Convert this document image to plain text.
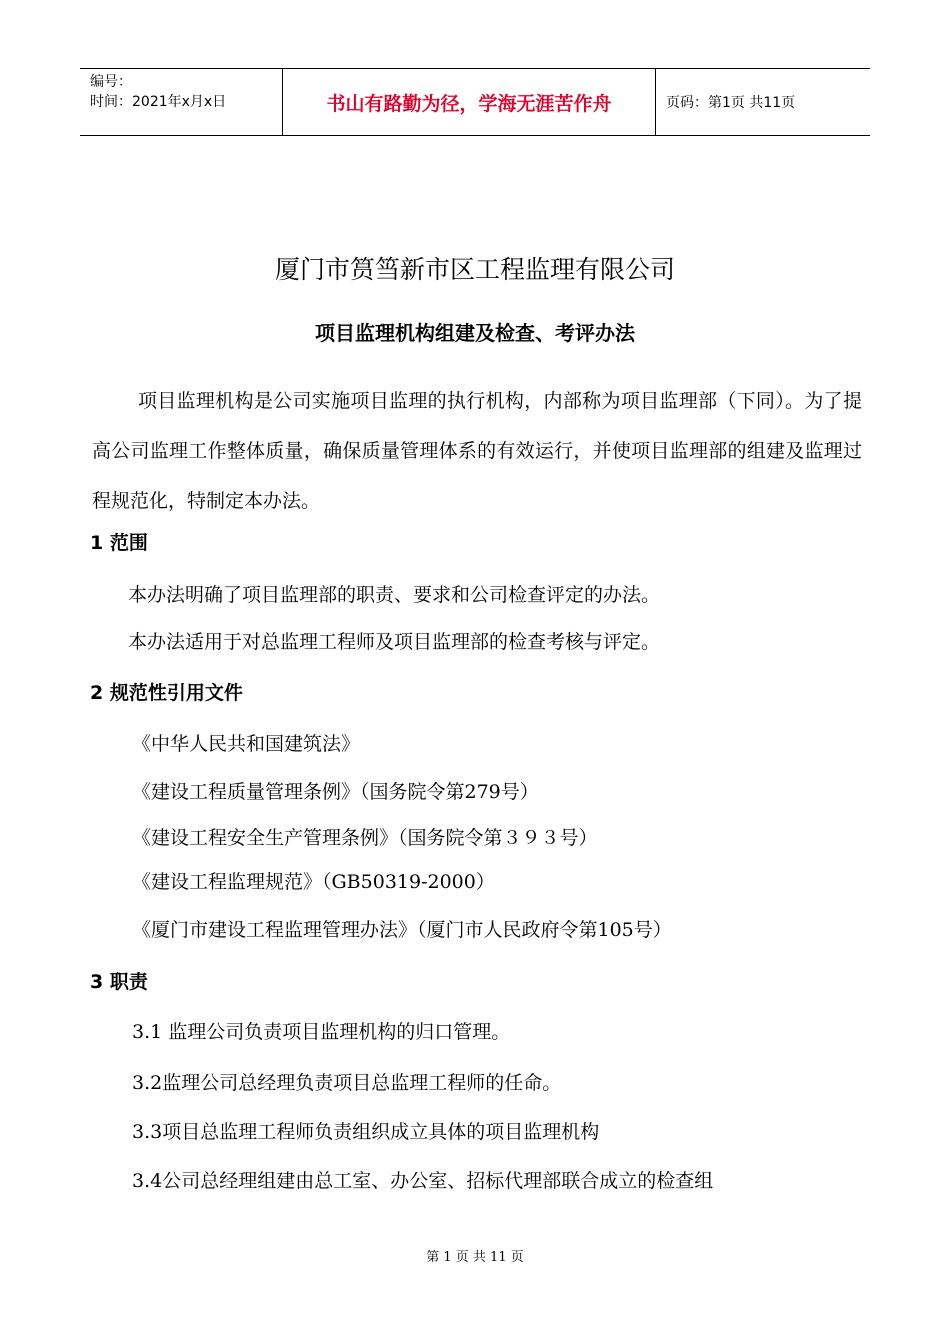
编号：
时间：2021年x月x日	书山有路勤为径，学海无涯苦作舟	页码：第1页 共11页
厦门市筼筜新市区工程监理有限公司
项目监理机构组建及检查、考评办法
项目监理机构是公司实施项目监理的执行机构，内部称为项目监理部（下同）。为了提高公司监理工作整体质量，确保质量管理体系的有效运行，并使项目监理部的组建及监理过程规范化，特制定本办法。
1 范围
本办法明确了项目监理部的职责、要求和公司检查评定的办法。
本办法适用于对总监理工程师及项目监理部的检查考核与评定。
2 规范性引用文件
《中华人民共和国建筑法》
《建设工程质量管理条例》（国务院令第279号）
《建设工程安全生产管理条例》（国务院令第３９３号）
《建设工程监理规范》（GB50319-2000）
《厦门市建设工程监理管理办法》（厦门市人民政府令第105号）
3 职责
3.1 监理公司负责项目监理机构的归口管理。
3.2监理公司总经理负责项目总监理工程师的任命。
3.3项目总监理工程师负责组织成立具体的项目监理机构
3.4公司总经理组建由总工室、办公室、招标代理部联合成立的检查组
第 1 页 共 11 页
